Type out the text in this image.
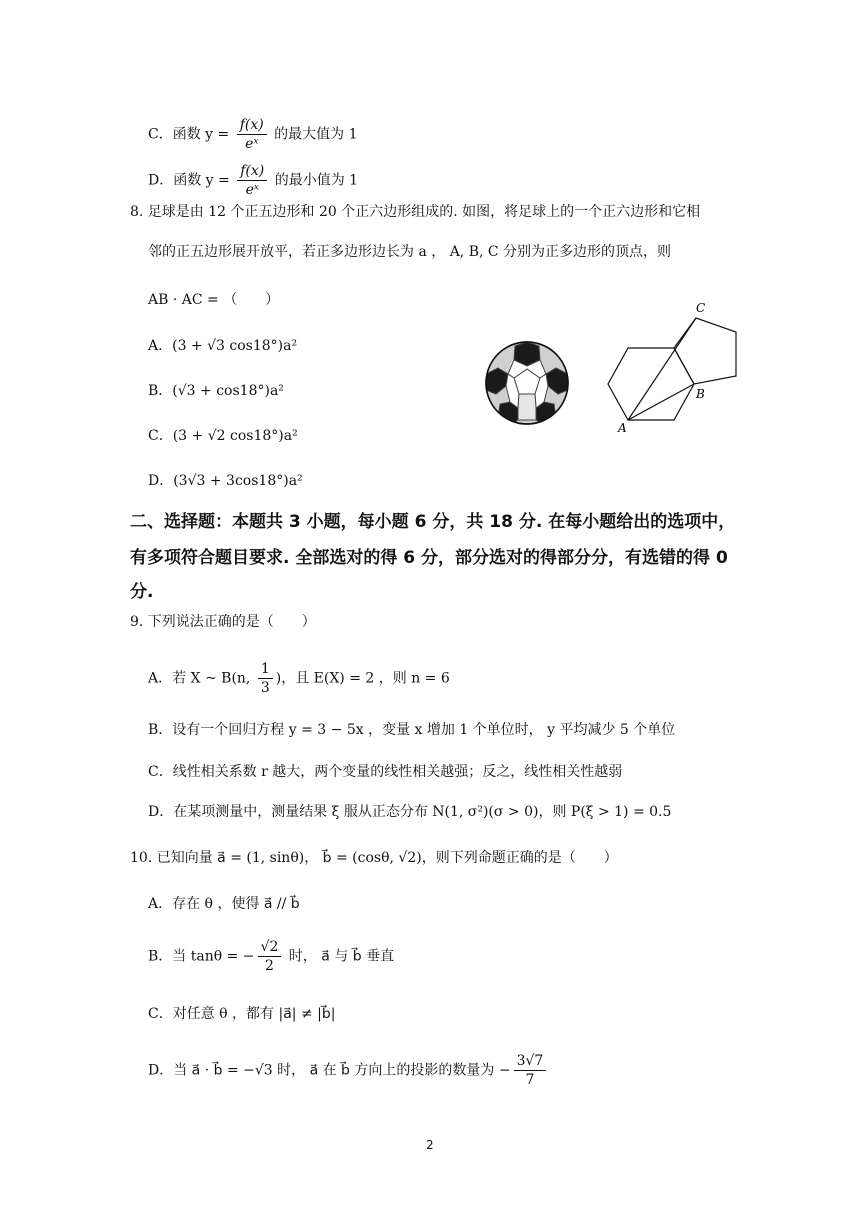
C．函数 $y = \frac{f(x)}{\text{eˣ}}$ 的最大值为 1
D．函数 $y = \frac{f(x)}{\text{eˣ}}$ 的最小值为 1
8. 足球是由 12 个正五边形和 20 个正六边形组成的. 如图，将足球上的一个正六边形和它相
邻的正五边形展开放平，若正多边形边长为 a ， A, B, C 分别为正多边形的顶点，则
AB · AC = （　　）
A．(3 + √3 cos18°)a²
B．(√3 + cos18°)a²
C．(3 + √2 cos18°)a²
D．(3√3 + 3cos18°)a²
C
B
A
二、选择题：本题共 3 小题，每小题 6 分，共 18 分. 在每小题给出的选项中，
有多项符合题目要求. 全部选对的得 6 分，部分选对的得部分分，有选错的得 0
分.
9. 下列说法正确的是（　　）
A．若 X ~ B(n, $\frac{1}{3}$ )，且 E(X) = 2 ，则 n = 6
B．设有一个回归方程 y = 3 − 5x ，变量 x 增加 1 个单位时， y 平均减少 5 个单位
C．线性相关系数 r 越大，两个变量的线性相关越强；反之，线性相关性越弱
D．在某项测量中，测量结果 ξ 服从正态分布 N(1, σ²)(σ > 0)，则 P(ξ > 1) = 0.5
10. 已知向量 a⃗ = (1, sinθ)， b⃗ = (cosθ, √2)，则下列命题正确的是（　　）
A．存在 θ ，使得 a⃗ // b⃗
B．当 tanθ = − $\frac{√2}{2}$ 时， a⃗ 与 b⃗ 垂直
C．对任意 θ ，都有 |a⃗| ≠ |b⃗|
D．当 a⃗ · b⃗ = −√3 时， a⃗ 在 b⃗ 方向上的投影的数量为 − $\frac{3√7}{7}$
2
